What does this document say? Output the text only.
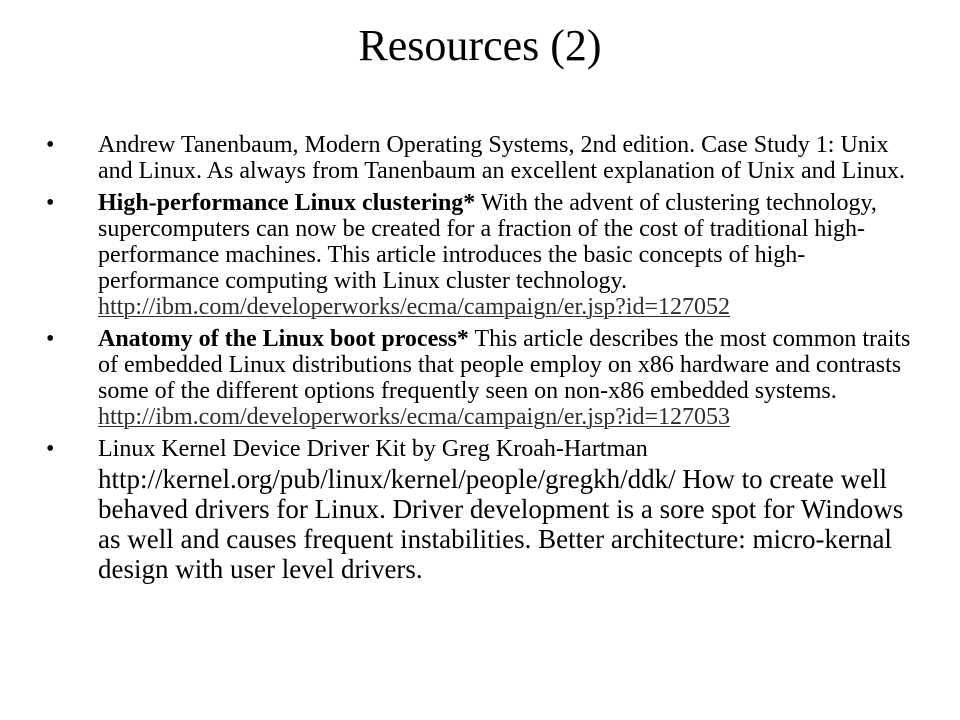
Resources (2)
•	Andrew Tanenbaum, Modern Operating Systems, 2nd edition. Case Study 1: Unix and Linux. As always from Tanenbaum an excellent explanation of Unix and Linux.
•	High-performance Linux clustering* With the advent of clustering technology, supercomputers can now be created for a fraction of the cost of traditional high-performance machines. This article introduces the basic concepts of high-performance computing with Linux cluster technology. http://ibm.com/developerworks/ecma/campaign/er.jsp?id=127052
•	Anatomy of the Linux boot process* This article describes the most common traits of embedded Linux distributions that people employ on x86 hardware and contrasts some of the different options frequently seen on non-x86 embedded systems. http://ibm.com/developerworks/ecma/campaign/er.jsp?id=127053
•	Linux Kernel Device Driver Kit by Greg Kroah-Hartman
http://kernel.org/pub/linux/kernel/people/gregkh/ddk/ How to create well behaved drivers for Linux. Driver development is a sore spot for Windows as well and causes frequent instabilities. Better architecture: micro-kernal design with user level drivers.
